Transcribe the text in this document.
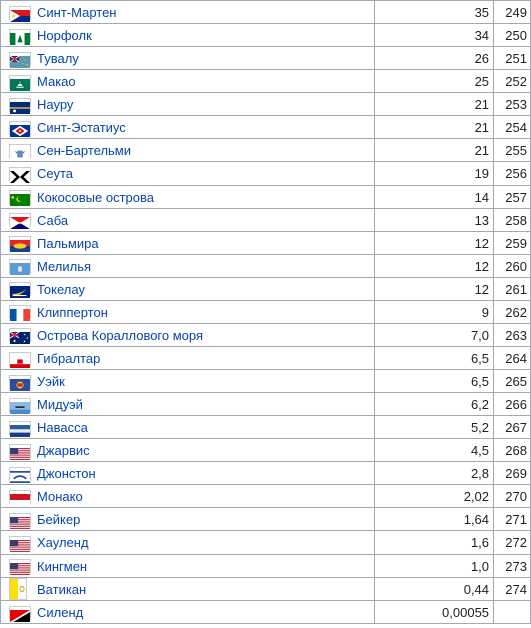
Синт-Мартен	35	249
Норфолк	34	250
Тувалу	26	251
Макао	25	252
Науру	21	253
Синт-Эстатиус	21	254
Сен-Бартельми	21	255
Сеута	19	256
Кокосовые острова	14	257
Саба	13	258
Пальмира	12	259
Мелилья	12	260
Токелау	12	261
Клиппертон	9	262
Острова Кораллового моря	7,0	263
Гибралтар	6,5	264
Уэйк	6,5	265
Мидуэй	6,2	266
Навасса	5,2	267
Джарвис	4,5	268
Джонстон	2,8	269
Монако	2,02	270
Бейкер	1,64	271
Хауленд	1,6	272
Кингмен	1,0	273
Ватикан	0,44	274
Силенд	0,00055	
